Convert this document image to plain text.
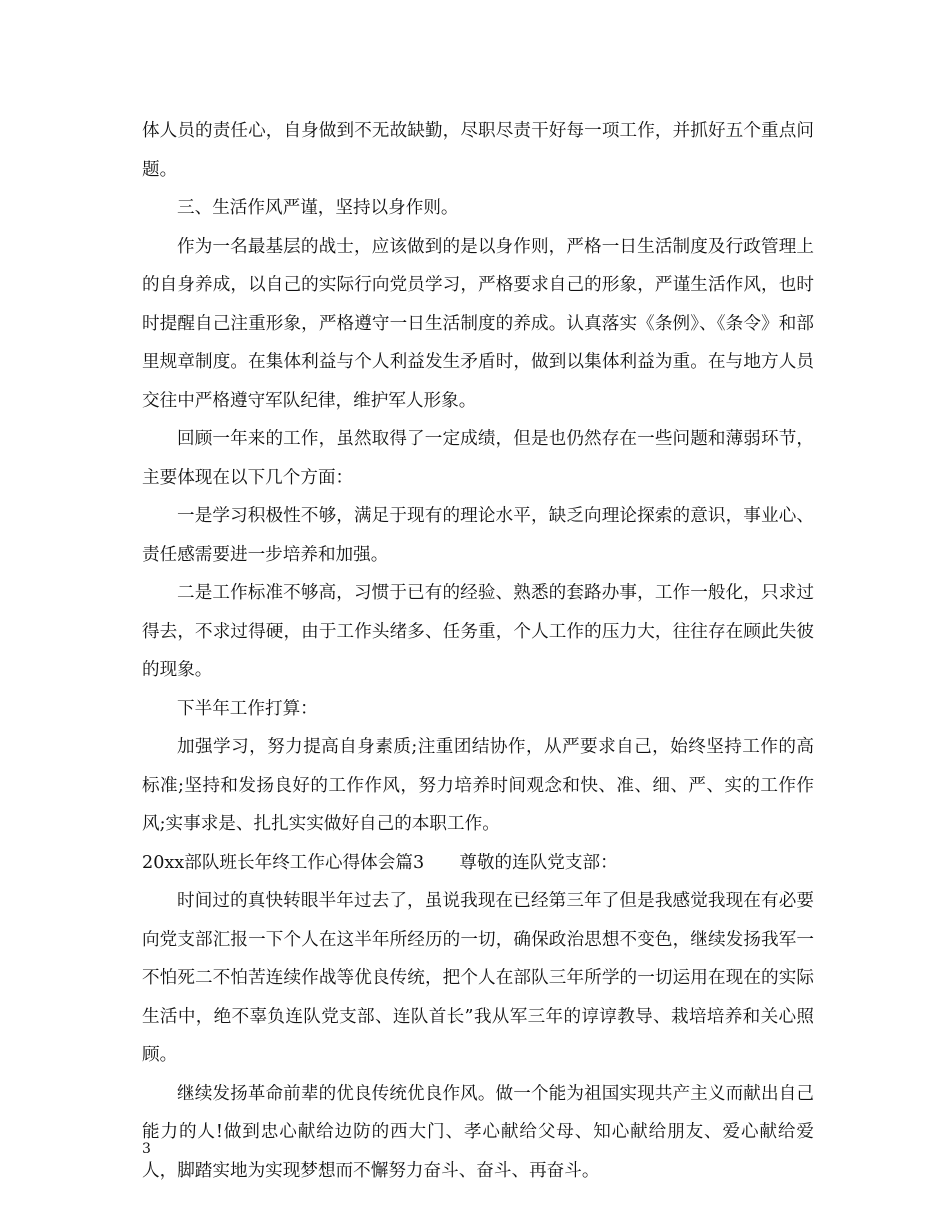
体人员的责任心，自身做到不无故缺勤，尽职尽责干好每一项工作，并抓好五个重点问题。

三、生活作风严谨，坚持以身作则。

作为一名最基层的战士，应该做到的是以身作则，严格一日生活制度及行政管理上的自身养成，以自己的实际行向党员学习，严格要求自己的形象，严谨生活作风，也时时提醒自己注重形象，严格遵守一日生活制度的养成。认真落实《条例》、《条令》和部里规章制度。在集体利益与个人利益发生矛盾时，做到以集体利益为重。在与地方人员交往中严格遵守军队纪律，维护军人形象。

回顾一年来的工作，虽然取得了一定成绩，但是也仍然存在一些问题和薄弱环节，主要体现在以下几个方面：

一是学习积极性不够，满足于现有的理论水平，缺乏向理论探索的意识，事业心、责任感需要进一步培养和加强。

二是工作标准不够高，习惯于已有的经验、熟悉的套路办事，工作一般化，只求过得去，不求过得硬，由于工作头绪多、任务重，个人工作的压力大，往往存在顾此失彼的现象。

下半年工作打算：

加强学习，努力提高自身素质;注重团结协作，从严要求自己，始终坚持工作的高标准;坚持和发扬良好的工作作风，努力培养时间观念和快、准、细、严、实的工作作风;实事求是、扎扎实实做好自己的本职工作。

20xx部队班长年终工作心得体会篇3　　尊敬的连队党支部：

时间过的真快转眼半年过去了，虽说我现在已经第三年了但是我感觉我现在有必要向党支部汇报一下个人在这半年所经历的一切，确保政治思想不变色，继续发扬我军一不怕死二不怕苦连续作战等优良传统，把个人在部队三年所学的一切运用在现在的实际生活中，绝不辜负连队党支部、连队首长”我从军三年的谆谆教导、栽培培养和关心照顾。

继续发扬革命前辈的优良传统优良作风。做一个能为祖国实现共产主义而献出自己能力的人!做到忠心献给边防的西大门、孝心献给父母、知心献给朋友、爱心献给爱人，脚踏实地为实现梦想而不懈努力奋斗、奋斗、再奋斗。

3
